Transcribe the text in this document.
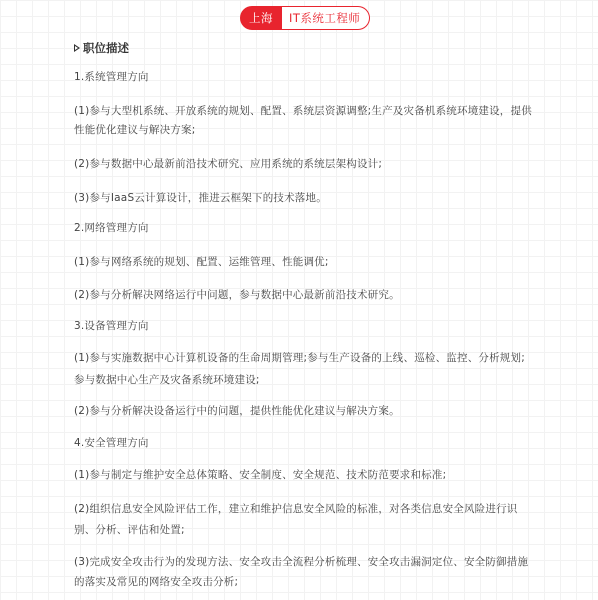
上海	IT系统工程师
职位描述
1.系统管理方向
(1)参与大型机系统、开放系统的规划、配置、系统层资源调整;生产及灾备机系统环境建设，提供
性能优化建议与解决方案;
(2)参与数据中心最新前沿技术研究、应用系统的系统层架构设计;
(3)参与IaaS云计算设计，推进云框架下的技术落地。
2.网络管理方向
(1)参与网络系统的规划、配置、运维管理、性能调优;
(2)参与分析解决网络运行中问题，参与数据中心最新前沿技术研究。
3.设备管理方向
(1)参与实施数据中心计算机设备的生命周期管理;参与生产设备的上线、巡检、监控、分析规划;
参与数据中心生产及灾备系统环境建设;
(2)参与分析解决设备运行中的问题，提供性能优化建议与解决方案。
4.安全管理方向
(1)参与制定与维护安全总体策略、安全制度、安全规范、技术防范要求和标准;
(2)组织信息安全风险评估工作，建立和维护信息安全风险的标准，对各类信息安全风险进行识
别、分析、评估和处置;
(3)完成安全攻击行为的发现方法、安全攻击全流程分析梳理、安全攻击漏洞定位、安全防御措施
的落实及常见的网络安全攻击分析;
